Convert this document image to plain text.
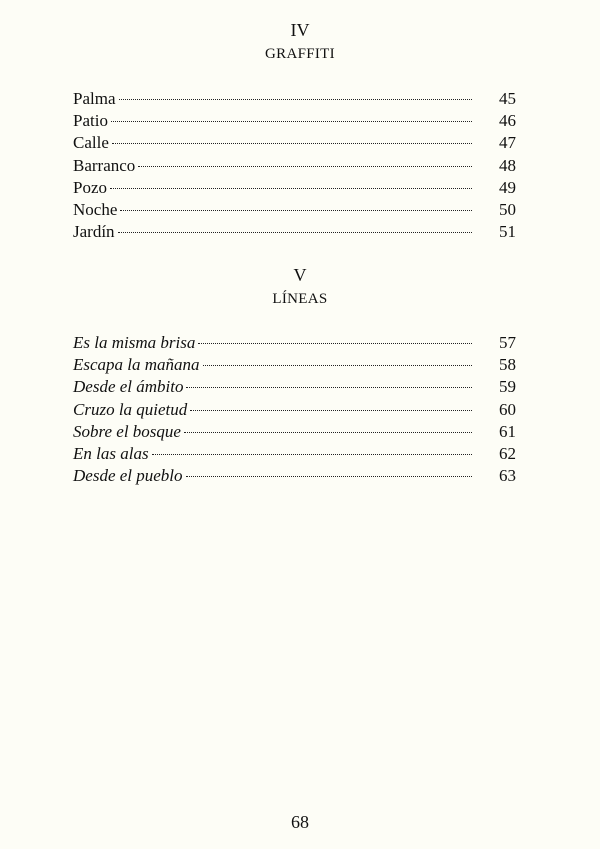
IV
GRAFFITI
Palma	45
Patio	46
Calle	47
Barranco	48
Pozo	49
Noche	50
Jardín	51
V
LÍNEAS
Es la misma brisa	57
Escapa la mañana	58
Desde el ámbito	59
Cruzo la quietud	60
Sobre el bosque	61
En las alas	62
Desde el pueblo	63
68
